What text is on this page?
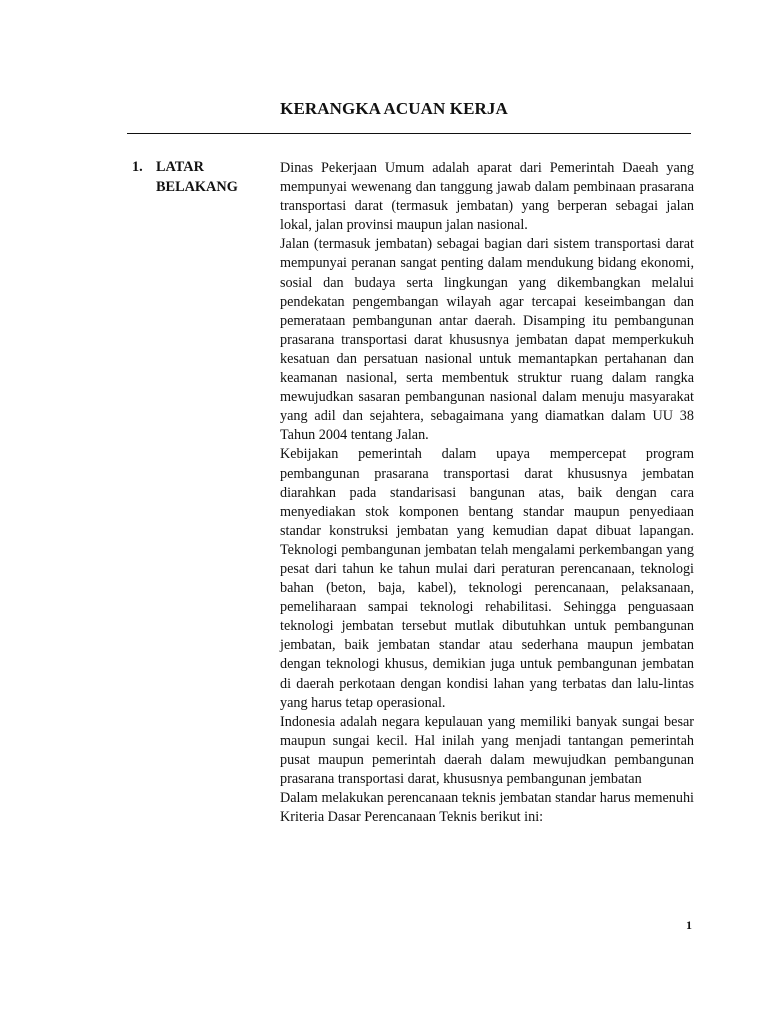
KERANGKA ACUAN KERJA
1. LATAR
BELAKANG

Dinas Pekerjaan Umum adalah aparat dari Pemerintah Daeah yang mempunyai wewenang dan tanggung jawab dalam pembinaan prasarana transportasi darat (termasuk jembatan) yang berperan sebagai jalan lokal, jalan provinsi maupun jalan nasional.

Jalan (termasuk jembatan) sebagai bagian dari sistem transportasi darat mempunyai peranan sangat penting dalam mendukung bidang ekonomi, sosial dan budaya serta lingkungan yang dikembangkan melalui pendekatan pengembangan wilayah agar tercapai keseimbangan dan pemerataan pembangunan antar daerah. Disamping itu pembangunan prasarana transportasi darat khususnya jembatan dapat memperkukuh kesatuan dan persatuan nasional untuk memantapkan pertahanan dan keamanan nasional, serta membentuk struktur ruang dalam rangka mewujudkan sasaran pembangunan nasional dalam menuju masyarakat yang adil dan sejahtera, sebagaimana yang diamatkan dalam UU 38 Tahun 2004 tentang Jalan.

Kebijakan pemerintah dalam upaya mempercepat program pembangunan prasarana transportasi darat khususnya jembatan diarahkan pada standarisasi bangunan atas, baik dengan cara menyediakan stok komponen bentang standar maupun penyediaan standar konstruksi jembatan yang kemudian dapat dibuat lapangan. Teknologi pembangunan jembatan telah mengalami perkembangan yang pesat dari tahun ke tahun mulai dari peraturan perencanaan, teknologi bahan (beton, baja, kabel), teknologi perencanaan, pelaksanaan, pemeliharaan sampai teknologi rehabilitasi. Sehingga penguasaan teknologi jembatan tersebut mutlak dibutuhkan untuk pembangunan jembatan, baik jembatan standar atau sederhana maupun jembatan dengan teknologi khusus, demikian juga untuk pembangunan jembatan di daerah perkotaan dengan kondisi lahan yang terbatas dan lalu-lintas yang harus tetap operasional.

Indonesia adalah negara kepulauan yang memiliki banyak sungai besar maupun sungai kecil. Hal inilah yang menjadi tantangan pemerintah pusat maupun pemerintah daerah dalam mewujudkan pembangunan prasarana transportasi darat, khususnya pembangunan jembatan

Dalam melakukan perencanaan teknis jembatan standar harus memenuhi Kriteria Dasar Perencanaan Teknis berikut ini:

1
